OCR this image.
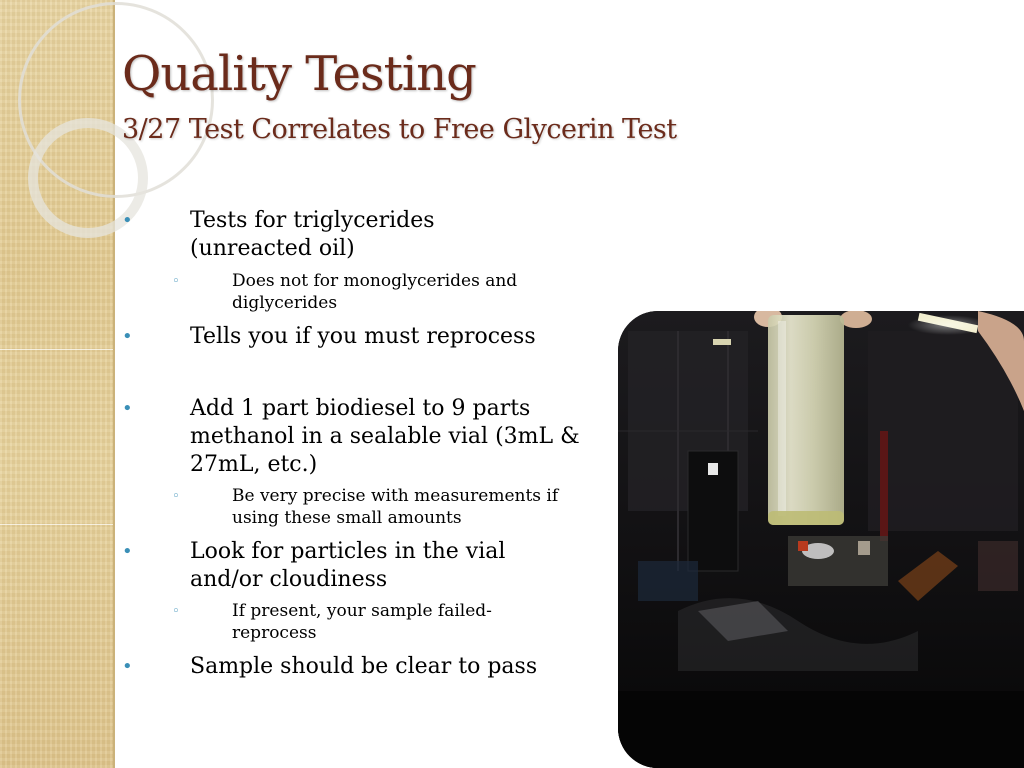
Quality Testing
3/27 Test Correlates to Free Glycerin Test
•	Tests for triglycerides (unreacted oil)
◦	Does not for monoglycerides and diglycerides
•	Tells you if you must reprocess
•	Add 1 part biodiesel to 9 parts methanol in a sealable vial (3mL & 27mL, etc.)
◦	Be very precise with measurements if using these small amounts
•	Look for particles in the vial and/or cloudiness
◦	If present, your sample failed- reprocess
•	Sample should be clear to pass
